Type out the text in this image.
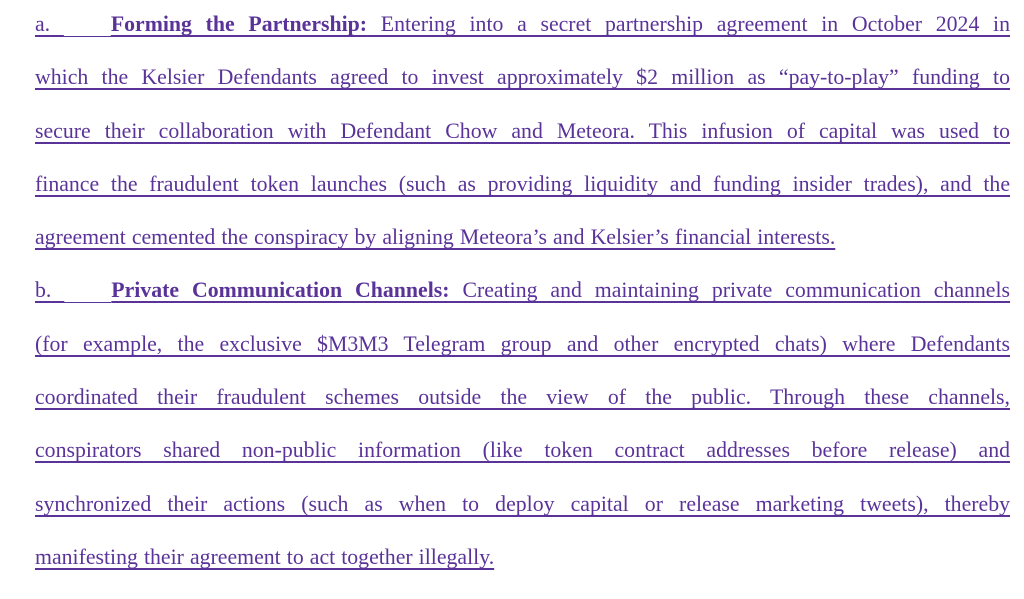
a.	Forming the Partnership: Entering into a secret partnership agreement in October 2024 in
which the Kelsier Defendants agreed to invest approximately $2 million as “pay-to-play” funding to
secure their collaboration with Defendant Chow and Meteora. This infusion of capital was used to
finance the fraudulent token launches (such as providing liquidity and funding insider trades), and the
agreement cemented the conspiracy by aligning Meteora’s and Kelsier’s financial interests.
b.	Private Communication Channels: Creating and maintaining private communication channels
(for example, the exclusive $M3M3 Telegram group and other encrypted chats) where Defendants
coordinated their fraudulent schemes outside the view of the public. Through these channels,
conspirators shared non-public information (like token contract addresses before release) and
synchronized their actions (such as when to deploy capital or release marketing tweets), thereby
manifesting their agreement to act together illegally.
